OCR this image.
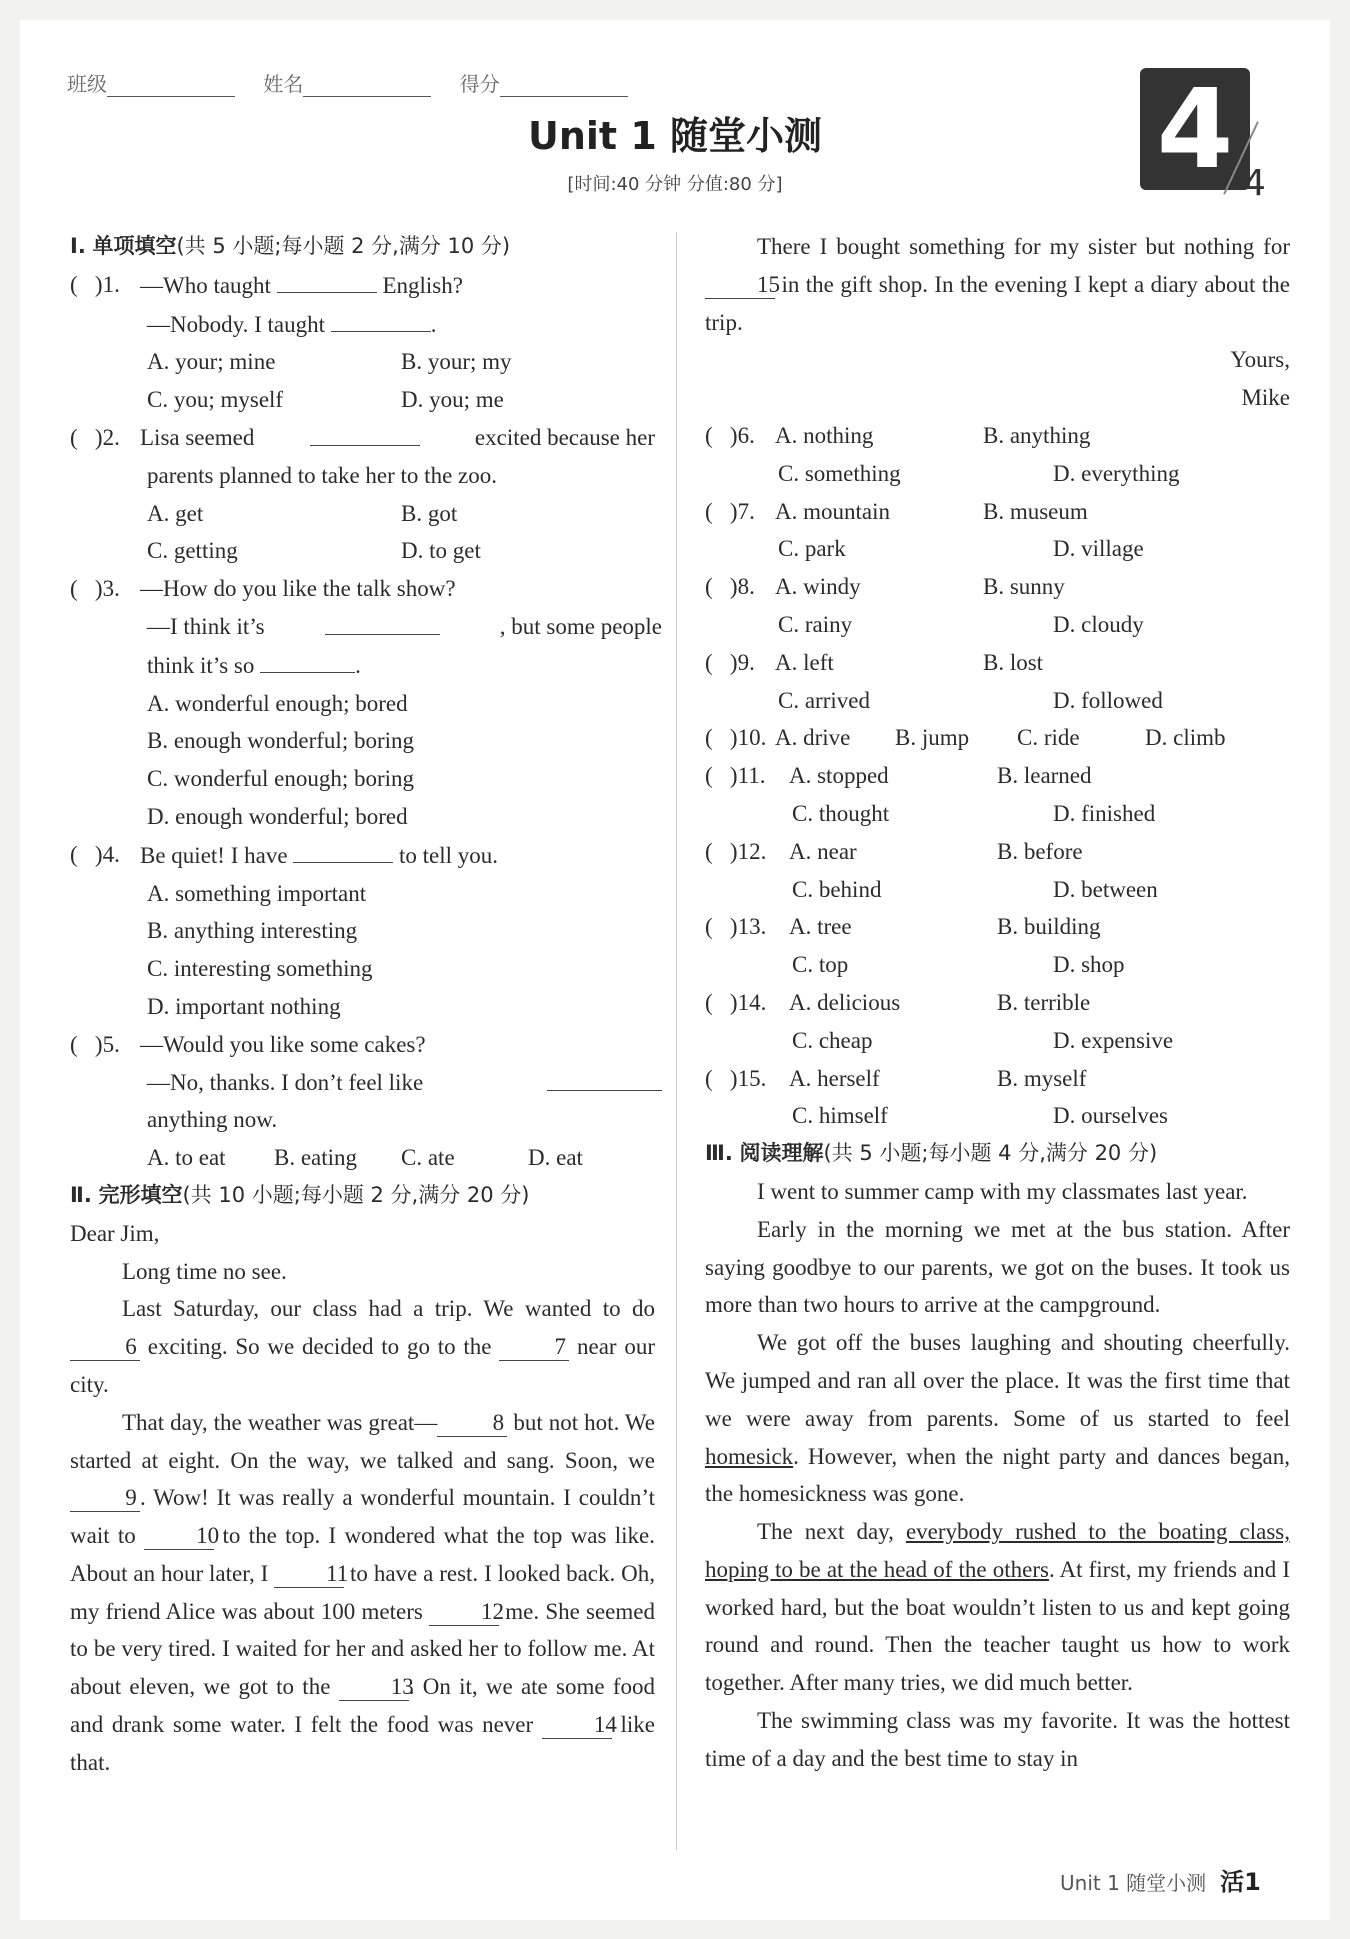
班级	姓名	得分
Unit 1 随堂小测
[时间:40 分钟 分值:80 分]	4 4
Ⅰ. 单项填空(共 5 小题;每小题 2 分,满分 10 分)
(   )1. —Who taught	English?
—Nobody. I taught	.
A. your; mine	B. your; my
C. you; myself	D. you; me
(   )2. Lisa seemed	excited because her
parents planned to take her to the zoo.
A. get	B. got
C. getting	D. to get
(   )3. —How do you like the talk show?
—I think it’s	, but some people
think it’s so	.
A. wonderful enough; bored
B. enough wonderful; boring
C. wonderful enough; boring
D. enough wonderful; bored
(   )4. Be quiet! I have	to tell you.
A. something important
B. anything interesting
C. interesting something
D. important nothing
(   )5. —Would you like some cakes?
—No, thanks. I don’t feel like
anything now.
A. to eat	B. eating	C. ate	D. eat
Ⅱ. 完形填空(共 10 小题;每小题 2 分,满分 20 分)
Dear Jim,
Long time no see.
Last Saturday, our class had a trip. We wanted to do 6 exciting. So we decided to go to the	7 near our city.
That day, the weather was great— 8 but not hot. We started at eight. On the way, we talked and sang. Soon, we 9 . Wow! It was really a wonderful mountain. I couldn’t wait to	10 to the top. I wondered what the top was like. About an hour later, I	11 to have a rest. I looked back. Oh, my friend Alice was about 100 meters	12 me. She seemed to be very tired. I waited for her and asked her to follow me. At about eleven, we got to the	13. On it, we ate some food and drank some water. I felt the food was never	14 like that.
There I bought something for my sister but nothing for 15 in the gift shop. In the evening I kept a diary about the trip.
Yours,
Mike
(   )6. A. nothing	B. anything
C. something	D. everything
(   )7. A. mountain	B. museum
C. park	D. village
(   )8. A. windy	B. sunny
C. rainy	D. cloudy
(   )9. A. left	B. lost
C. arrived	D. followed
(   )10. A. drive	B. jump	C. ride	D. climb
(   )11.	A. stopped	B. learned
C. thought	D. finished
(   )12. A. near	B. before
C. behind	D. between
(   )13. A. tree	B. building
C. top	D. shop
(   )14. A. delicious	B. terrible
C. cheap	D. expensive
(   )15. A. herself	B. myself
C. himself	D. ourselves
Ⅲ. 阅读理解(共 5 小题;每小题 4 分,满分 20 分)
I went to summer camp with my classmates last year.
Early in the morning we met at the bus station. After saying goodbye to our parents, we got on the buses. It took us more than two hours to arrive at the campground.
We got off the buses laughing and shouting cheerfully. We jumped and ran all over the place. It was the first time that we were away from parents. Some of us started to feel homesick. However, when the night party and dances began, the homesickness was gone.
The next day, everybody rushed to the boating class, hoping to be at the head of the others. At first, my friends and I worked hard, but the boat wouldn’t listen to us and kept going round and round. Then the teacher taught us how to work together. After many tries, we did much better.
The swimming class was my favorite. It was the hottest time of a day and the best time to stay in
Unit 1 随堂小测 活1
